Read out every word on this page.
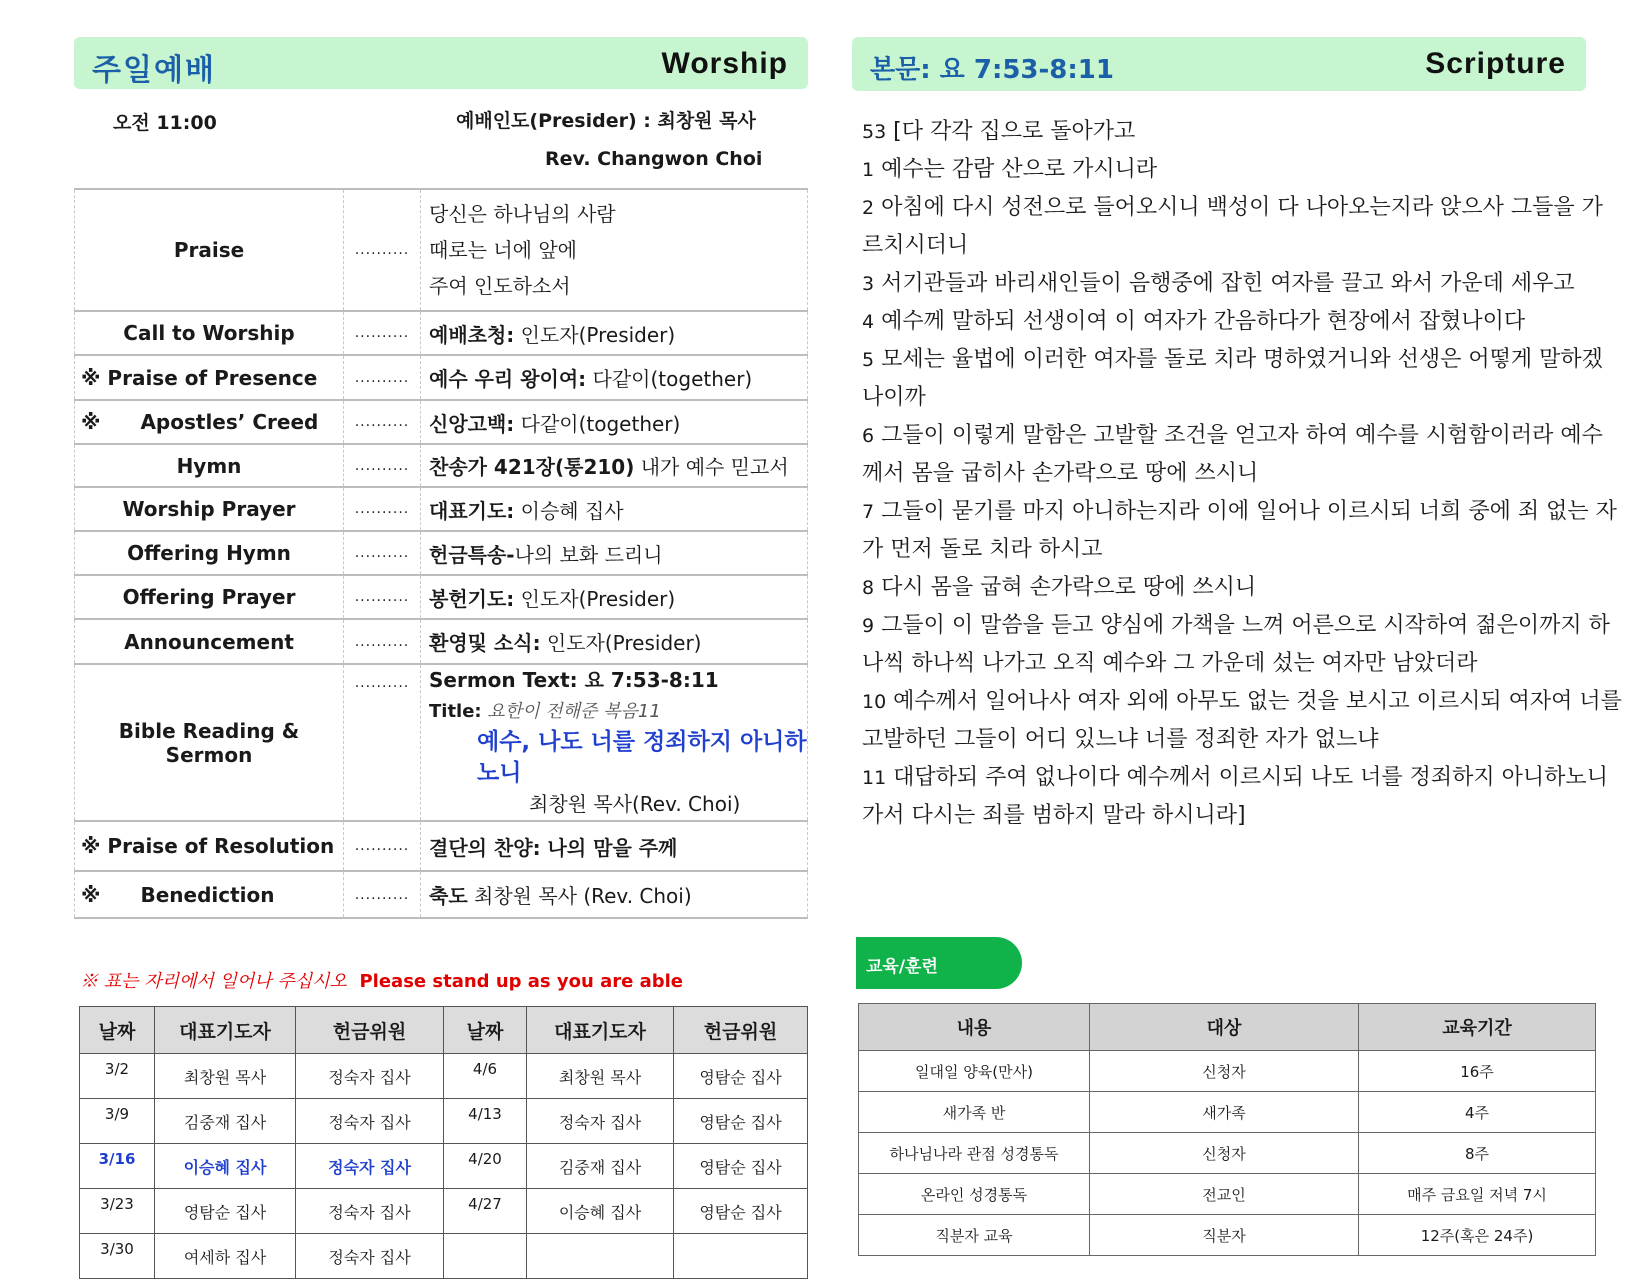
주일예배	Worship
오전 11:00	예배인도(Presider) : 최창원 목사
Rev. Changwon Choi
Praise	..........	당신은 하나님의 사람
때로는 너에 앞에
주여 인도하소서

Call to Worship	..........	예배초청: 인도자(Presider)
※ Praise of Presence	..........	예수 우리 왕이여: 다같이(together)
※ Apostles’ Creed	..........	신앙고백: 다같이(together)
Hymn	..........	찬송가 421장(통210) 내가 예수 믿고서
Worship Prayer	..........	대표기도: 이승혜 집사
Offering Hymn	..........	헌금특송-나의 보화 드리니
Offering Prayer	..........	봉헌기도: 인도자(Presider)
Announcement	..........	환영및 소식: 인도자(Presider)
Bible Reading & Sermon	..........	Sermon Text: 요 7:53-8:11
Title: 요한이 전해준 복음11
예수, 나도 너를 정죄하지 아니하노니
최창원 목사(Rev. Choi)

※ Praise of Resolution	..........	결단의 찬양: 나의 맘을 주께
※ Benediction	..........	축도 최창원 목사 (Rev. Choi)
※ 표는 자리에서 일어나 주십시오 Please stand up as you are able
날짜	대표기도자	헌금위원	날짜	대표기도자	헌금위원
3/2	최창원 목사	정숙자 집사	4/6	최창원 목사	영탐순 집사
3/9	김중재 집사	정숙자 집사	4/13	정숙자 집사	영탐순 집사
3/16	이승혜 집사	정숙자 집사	4/20	김중재 집사	영탐순 집사
3/23	영탐순 집사	정숙자 집사	4/27	이승혜 집사	영탐순 집사
3/30	여세하 집사	정숙자 집사			
본문: 요 7:53-8:11	Scripture
53 [다 각각 집으로 돌아가고
1 예수는 감람 산으로 가시니라
2 아침에 다시 성전으로 들어오시니 백성이 다 나아오는지라 앉으사 그들을 가르치시더니
3 서기관들과 바리새인들이 음행중에 잡힌 여자를 끌고 와서 가운데 세우고
4 예수께 말하되 선생이여 이 여자가 간음하다가 현장에서 잡혔나이다
5 모세는 율법에 이러한 여자를 돌로 치라 명하였거니와 선생은 어떻게 말하겠나이까
6 그들이 이렇게 말함은 고발할 조건을 얻고자 하여 예수를 시험함이러라 예수께서 몸을 굽히사 손가락으로 땅에 쓰시니
7 그들이 묻기를 마지 아니하는지라 이에 일어나 이르시되 너희 중에 죄 없는 자가 먼저 돌로 치라 하시고
8 다시 몸을 굽혀 손가락으로 땅에 쓰시니
9 그들이 이 말씀을 듣고 양심에 가책을 느껴 어른으로 시작하여 젊은이까지 하나씩 하나씩 나가고 오직 예수와 그 가운데 섰는 여자만 남았더라
10 예수께서 일어나사 여자 외에 아무도 없는 것을 보시고 이르시되 여자여 너를 고발하던 그들이 어디 있느냐 너를 정죄한 자가 없느냐
11 대답하되 주여 없나이다 예수께서 이르시되 나도 너를 정죄하지 아니하노니 가서 다시는 죄를 범하지 말라 하시니라]
교육/훈련
내용	대상	교육기간
일대일 양육(만사)	신청자	16주
새가족 반	새가족	4주
하나님나라 관점 성경통독	신청자	8주
온라인 성경통독	전교인	매주 금요일 저녁 7시
직분자 교육	직분자	12주(혹은 24주)
